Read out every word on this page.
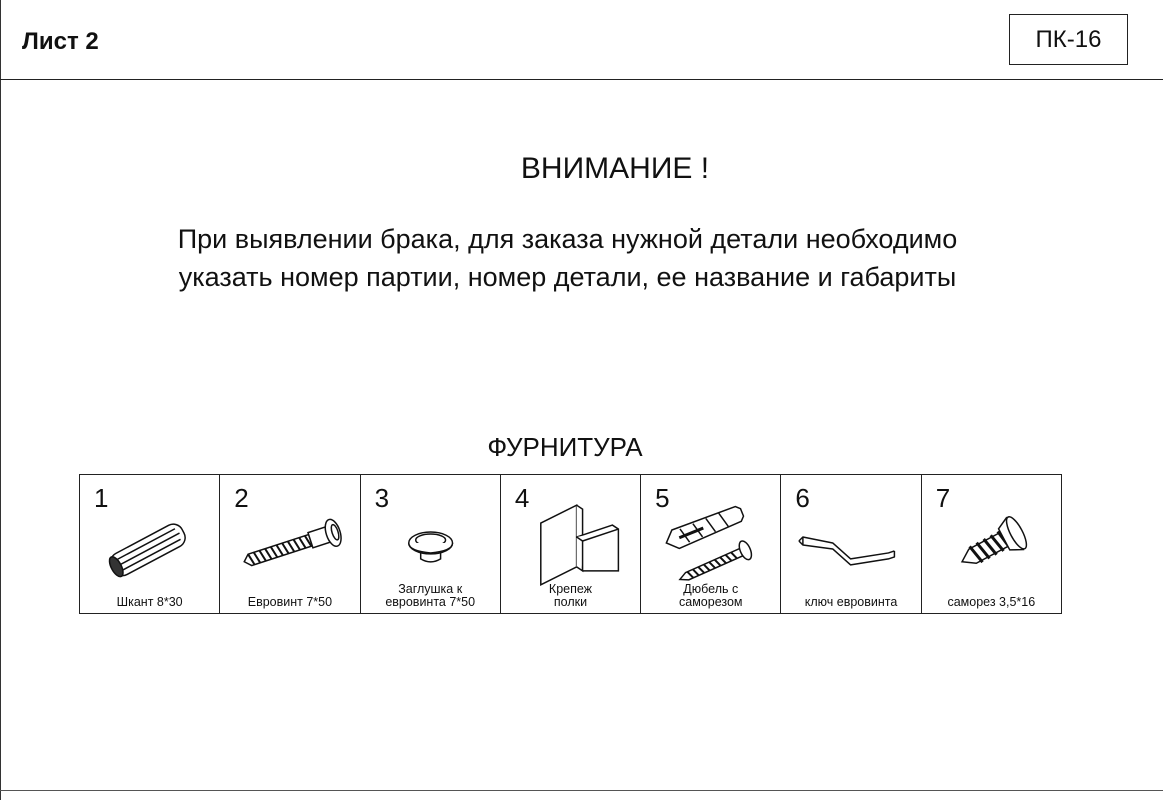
Лист 2	ПК-16
ВНИМАНИЕ !
При выявлении брака, для заказа нужной детали необходимо
указать номер партии, номер детали, ее название и габариты
ФУРНИТУРА
1
Шкант 8*30
2
Евровинт 7*50
3
Заглушка к
евровинта 7*50
4
Крепеж
полки
5
Дюбель с
саморезом
6
ключ евровинта
7
саморез 3,5*16
